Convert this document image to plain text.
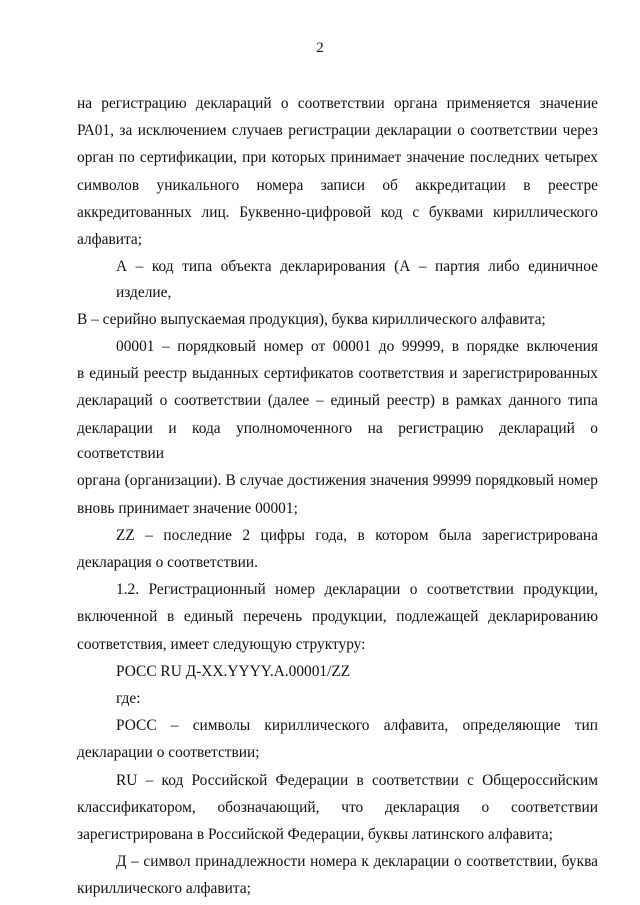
2
на регистрацию деклараций о соответствии органа применяется значение
РА01, за исключением случаев регистрации декларации о соответствии через
орган по сертификации, при которых принимает значение последних четырех
символов уникального номера записи об аккредитации в реестре
аккредитованных лиц. Буквенно-цифровой код с буквами кириллического
алфавита;
А – код типа объекта декларирования (А – партия либо единичное изделие,
В – серийно выпускаемая продукция), буква кириллического алфавита;
00001 – порядковый номер от 00001 до 99999, в порядке включения
в единый реестр выданных сертификатов соответствия и зарегистрированных
деклараций о соответствии (далее – единый реестр) в рамках данного типа
декларации и кода уполномоченного на регистрацию деклараций о соответствии
органа (организации). В случае достижения значения 99999 порядковый номер
вновь принимает значение 00001;
ZZ – последние 2 цифры года, в котором была зарегистрирована
декларация о соответствии.
1.2. Регистрационный номер декларации о соответствии продукции,
включенной в единый перечень продукции, подлежащей декларированию
соответствия, имеет следующую структуру:
РОСС RU Д-XX.YYYY.A.00001/ZZ
где:
РОСС – символы кириллического алфавита, определяющие тип
декларации о соответствии;
RU – код Российской Федерации в соответствии с Общероссийским
классификатором, обозначающий, что декларация о соответствии
зарегистрирована в Российской Федерации, буквы латинского алфавита;
Д – символ принадлежности номера к декларации о соответствии, буква
кириллического алфавита;
